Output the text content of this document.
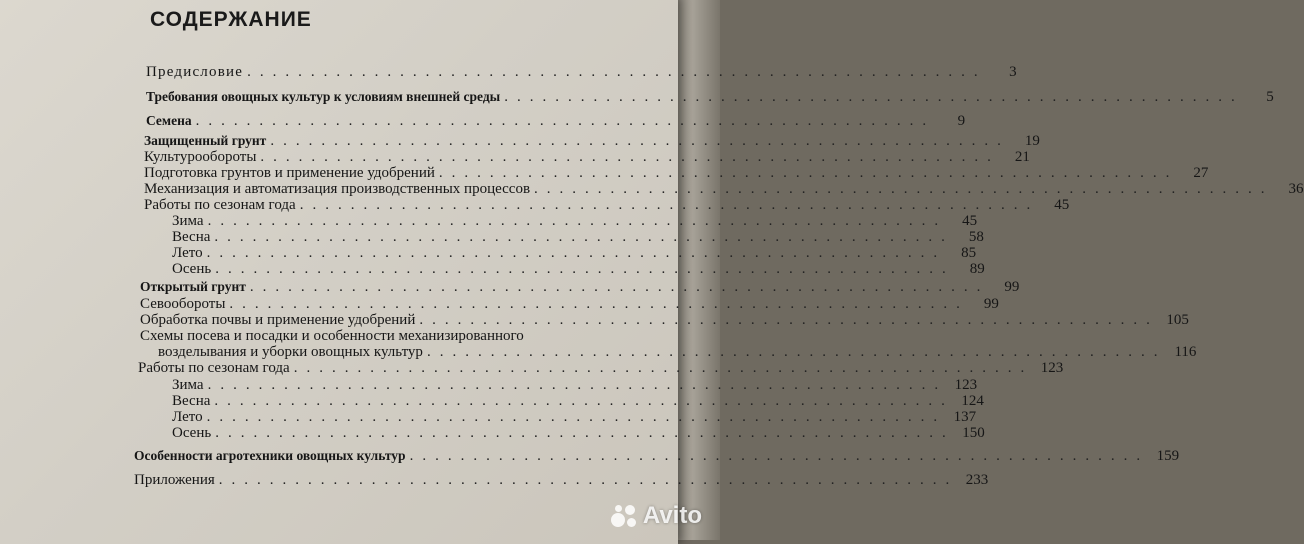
СОДЕРЖАНИЕ
Предисловие ..........................................................	3
Требования овощных культур к условиям внешней среды ..........................................................	5
Семена ..........................................................	9
Защищенный грунт ..........................................................	19
Культурообороты ..........................................................	21
Подготовка грунтов и применение удобрений ..........................................................	27
Механизация и автоматизация производственных процессов ..........................................................	36
Работы по сезонам года ..........................................................	45
Зима ..........................................................	45
Весна ..........................................................	58
Лето ..........................................................	85
Осень ..........................................................	89
Открытый грунт ..........................................................	99
Севообороты ..........................................................	99
Обработка почвы и применение удобрений .......................................................... 105
Схемы посева и посадки и особенности механизированного
возделывания и уборки овощных культур .......................................................... 116
Работы по сезонам года .......................................................... 123
Зима .......................................................... 123
Весна .......................................................... 124
Лето .......................................................... 137
Осень .......................................................... 150
Особенности агротехники овощных культур .......................................................... 159
Приложения .......................................................... 233
Avito
